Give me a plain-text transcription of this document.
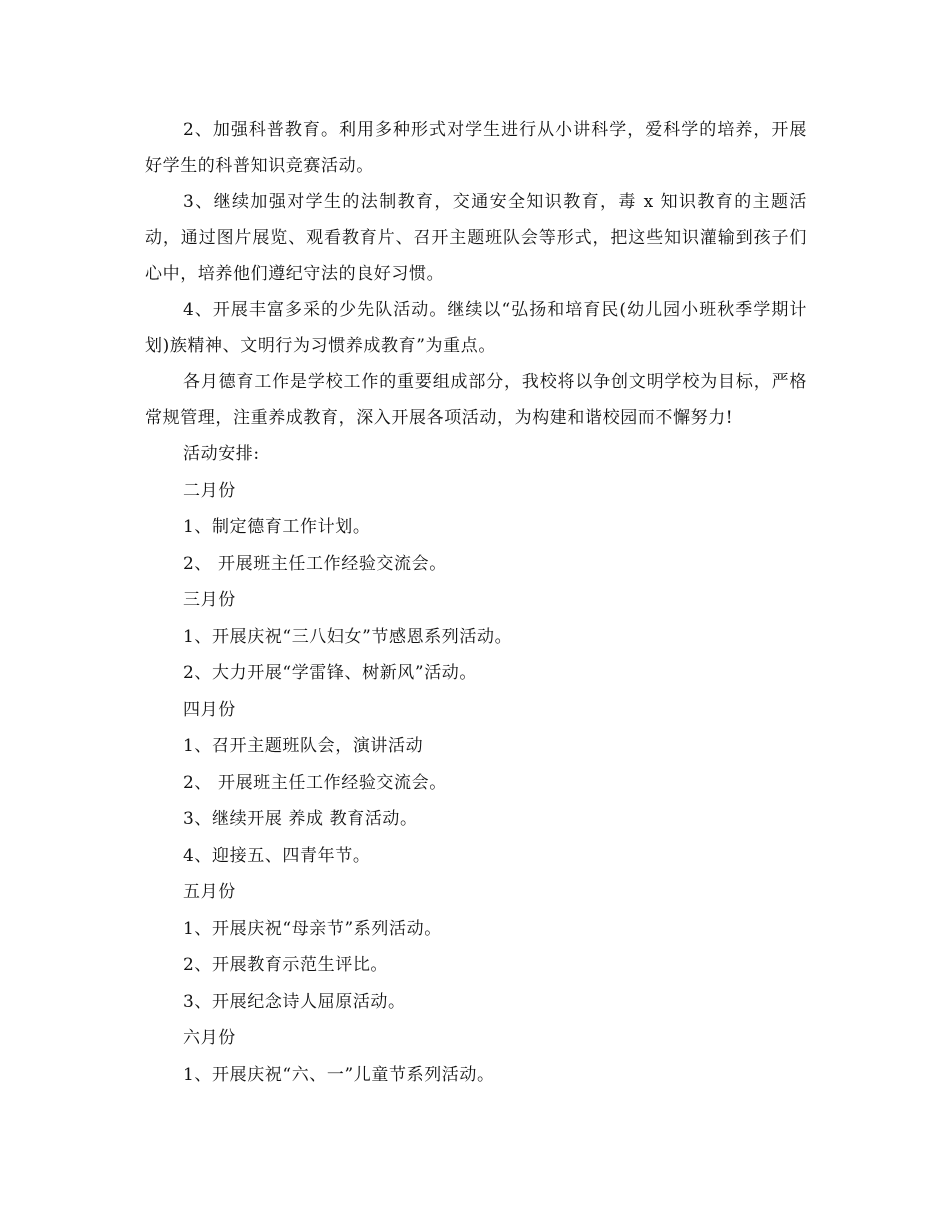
2、加强科普教育。利用多种形式对学生进行从小讲科学，爱科学的培养，开展好学生的科普知识竞赛活动。

3、继续加强对学生的法制教育，交通安全知识教育，毒 x 知识教育的主题活动，通过图片展览、观看教育片、召开主题班队会等形式，把这些知识灌输到孩子们心中，培养他们遵纪守法的良好习惯。

4、开展丰富多采的少先队活动。继续以“弘扬和培育民(幼儿园小班秋季学期计划)族精神、文明行为习惯养成教育”为重点。

各月德育工作是学校工作的重要组成部分，我校将以争创文明学校为目标，严格常规管理，注重养成教育，深入开展各项活动，为构建和谐校园而不懈努力!

活动安排:

二月份

1、制定德育工作计划。

2、 开展班主任工作经验交流会。

三月份

1、开展庆祝“三八妇女”节感恩系列活动。

2、大力开展“学雷锋、树新风”活动。

四月份

1、召开主题班队会，演讲活动

2、 开展班主任工作经验交流会。

3、继续开展 养成 教育活动。

4、迎接五、四青年节。

五月份

1、开展庆祝“母亲节”系列活动。

2、开展教育示范生评比。

3、开展纪念诗人屈原活动。

六月份

1、开展庆祝“六、一”儿童节系列活动。
